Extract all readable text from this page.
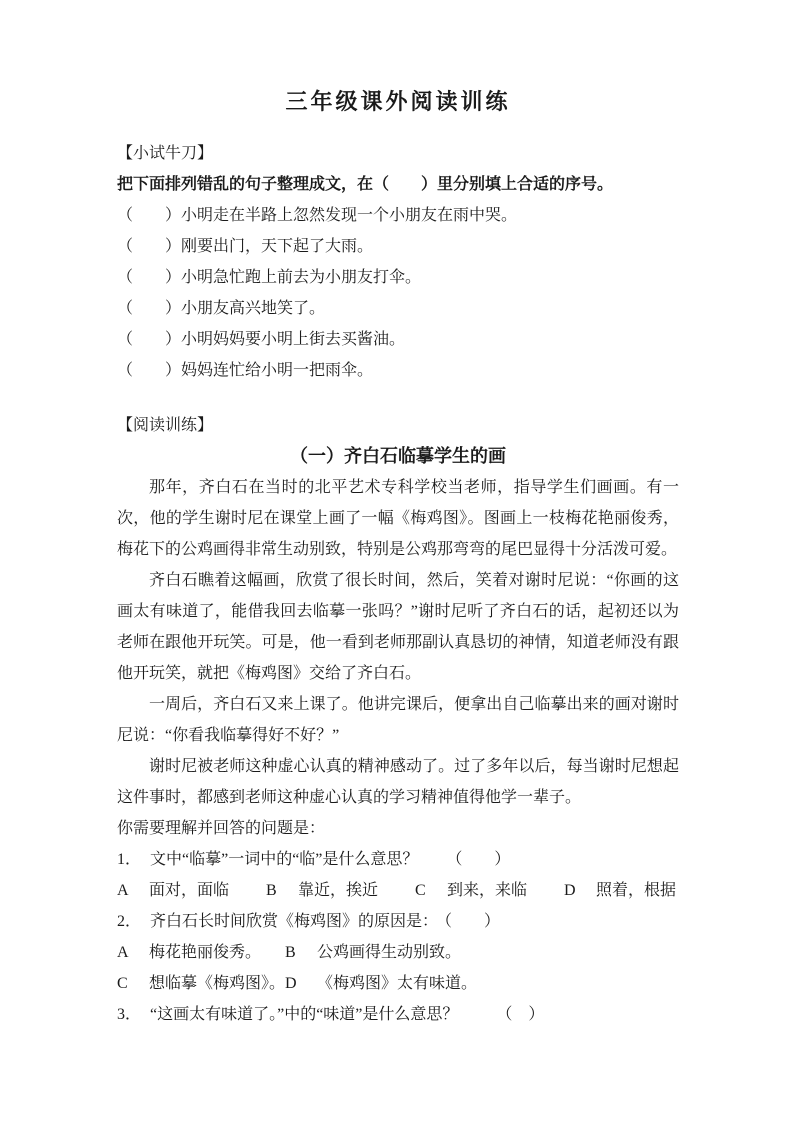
三年级课外阅读训练
【小试牛刀】
把下面排列错乱的句子整理成文，在（　　）里分别填上合适的序号。
（　　）小明走在半路上忽然发现一个小朋友在雨中哭。
（　　）刚要出门，天下起了大雨。
（　　）小明急忙跑上前去为小朋友打伞。
（　　）小朋友高兴地笑了。
（　　）小明妈妈要小明上街去买酱油。
（　　）妈妈连忙给小明一把雨伞。
【阅读训练】
（一）齐白石临摹学生的画

那年，齐白石在当时的北平艺术专科学校当老师，指导学生们画画。有一次，他的学生谢时尼在课堂上画了一幅《梅鸡图》。图画上一枝梅花艳丽俊秀，梅花下的公鸡画得非常生动别致，特别是公鸡那弯弯的尾巴显得十分活泼可爱。

齐白石瞧着这幅画，欣赏了很长时间，然后，笑着对谢时尼说：“你画的这画太有味道了，能借我回去临摹一张吗？”谢时尼听了齐白石的话，起初还以为老师在跟他开玩笑。可是，他一看到老师那副认真恳切的神情，知道老师没有跟他开玩笑，就把《梅鸡图》交给了齐白石。

一周后，齐白石又来上课了。他讲完课后，便拿出自己临摹出来的画对谢时尼说：“你看我临摹得好不好？”

谢时尼被老师这种虚心认真的精神感动了。过了多年以后，每当谢时尼想起这件事时，都感到老师这种虚心认真的学习精神值得他学一辈子。

你需要理解并回答的问题是：
1． 文中“临摹”一词中的“临”是什么意思？ （　　）
A 面对，面临 B 靠近，挨近 C 到来，来临 D 照着，根据
2． 齐白石长时间欣赏《梅鸡图》的原因是： （　　）
A 梅花艳丽俊秀。 B 公鸡画得生动别致。
C 想临摹《梅鸡图》。D 《梅鸡图》太有味道。
3． “这画太有味道了。”中的“味道”是什么意思？ （　）
